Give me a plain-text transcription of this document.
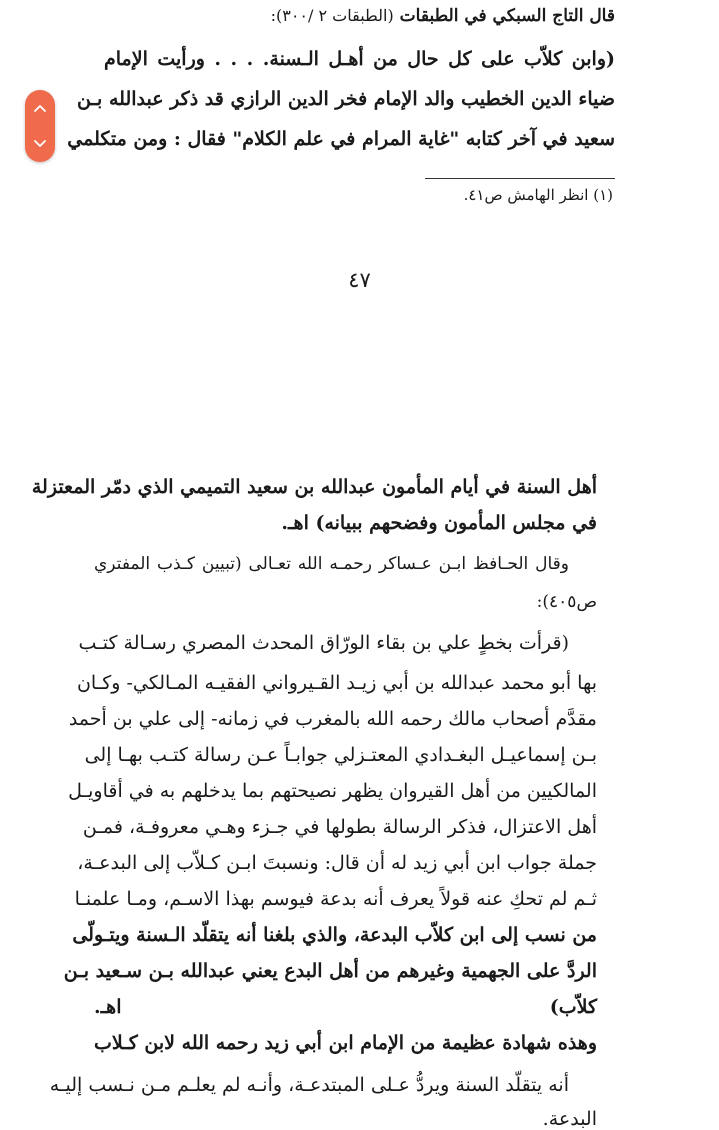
قال التاج السبكي في الطبقات (الطبقات ٢ /٣٠٠):
(وابن كلاّب على كل حال من أهـل الـسنة. . . . ورأيت الإمام
ضياء الدين الخطيب والد الإمام فخر الدين الرازي قد ذكر عبدالله بـن
سعيد في آخر كتابه "غاية المرام في علم الكلام" فقال : ومن متكلمي
(١) انظر الهامش ص٤١.
٤٧
أهل السنة في أيام المأمون عبدالله بن سعيد التميمي الذي دمّر المعتزلة
في مجلس المأمون وفضحهم ببيانه) اهـ.
وقال الحـافظ ابـن عـساكر رحمـه الله تعـالى (تبيين كـذب المفتري
ص٤٠٥):
(قرأت بخطٍ علي بن بقاء الورّاق المحدث المصري رسـالة كتـب
بها أبو محمد عبدالله بن أبي زيـد القـيرواني الفقيـه المـالكي- وكـان
مقدَّم أصحاب مالك رحمه الله بالمغرب في زمانه- إلى علي بن أحمد
بـن إسماعيـل البغـدادي المعتـزلي جوابـاً عـن رسالة كتـب بهـا إلى
المالكيين من أهل القيروان يظهر نصيحتهم بما يدخلهم به في أقاويـل
أهل الاعتزال، فذكر الرسالة بطولها في جـزء وهـي معروفـة، فمـن
جملة جواب ابن أبي زيد له أن قال: ونسبتَ ابـن كـلاّب إلى البدعـة،
ثـم لم تحكِ عنه قولاً يعرف أنه بدعة فيوسم بهذا الاسـم، ومـا علمنـا
من نسب إلى ابن كلاّب البدعة، والذي بلغنا أنه يتقلّد الـسنة ويتـولّى
الردَّ على الجهمية وغيرهم من أهل البدع يعني عبدالله بـن سـعيد بـن
كلاّب) اهـ.
وهذه شهادة عظيمة من الإمام ابن أبي زيد رحمه الله لابن كـلاب
أنه يتقلّد السنة ويردُّ عـلى المبتدعـة، وأنـه لم يعلـم مـن نـسب إليـه
البدعة.
